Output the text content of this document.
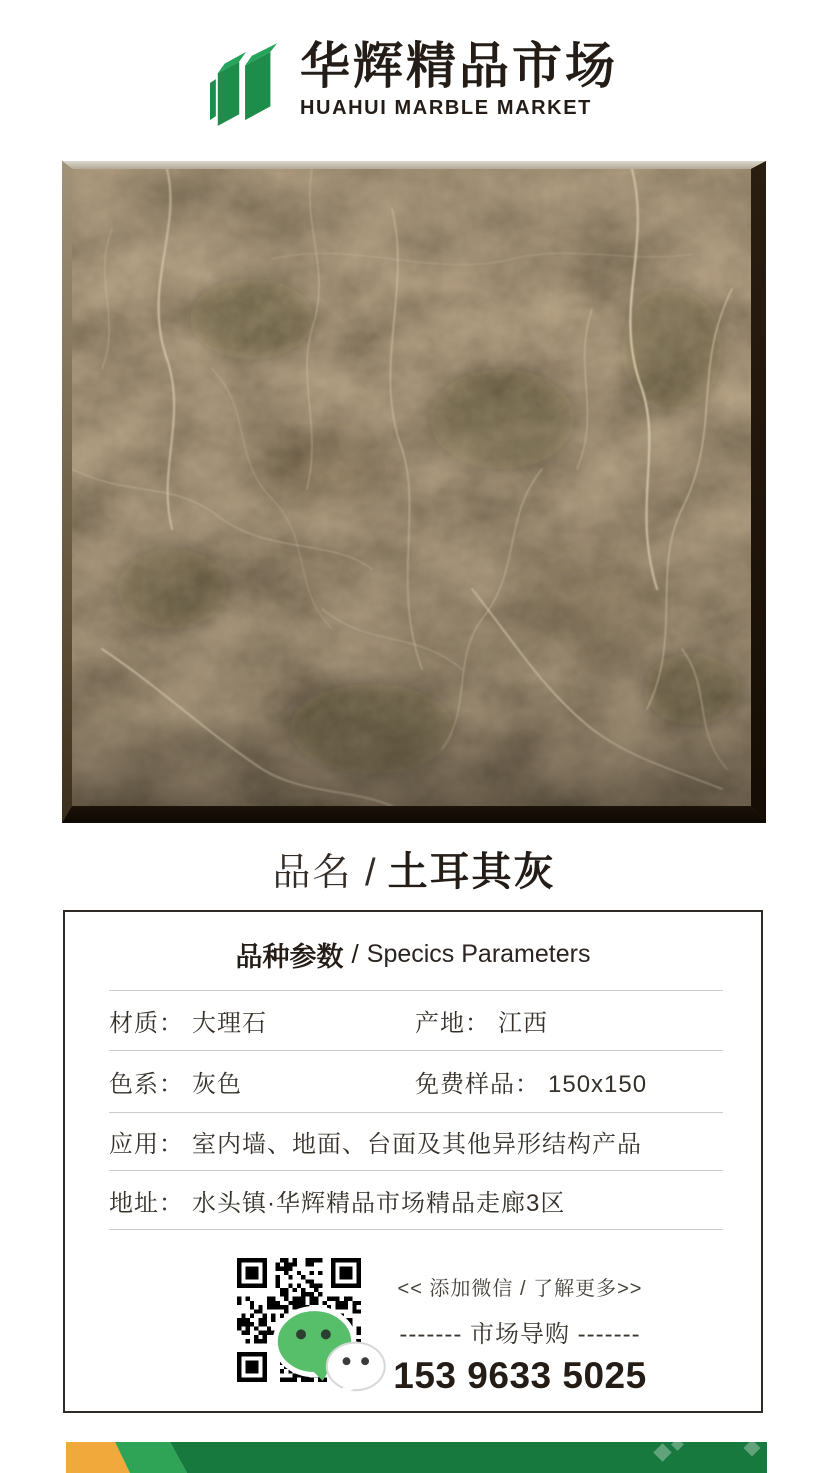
华辉精品市场
HUAHUI MARBLE MARKET
品名 / 土耳其灰
品种参数 / Specics Parameters
材质： 大理石	产地： 江西
色系： 灰色	免费样品： 150x150
应用： 室内墙、地面、台面及其他异形结构产品
地址： 水头镇·华辉精品市场精品走廊3区
<< 添加微信 / 了解更多>>
------- 市场导购 -------
153 9633 5025
